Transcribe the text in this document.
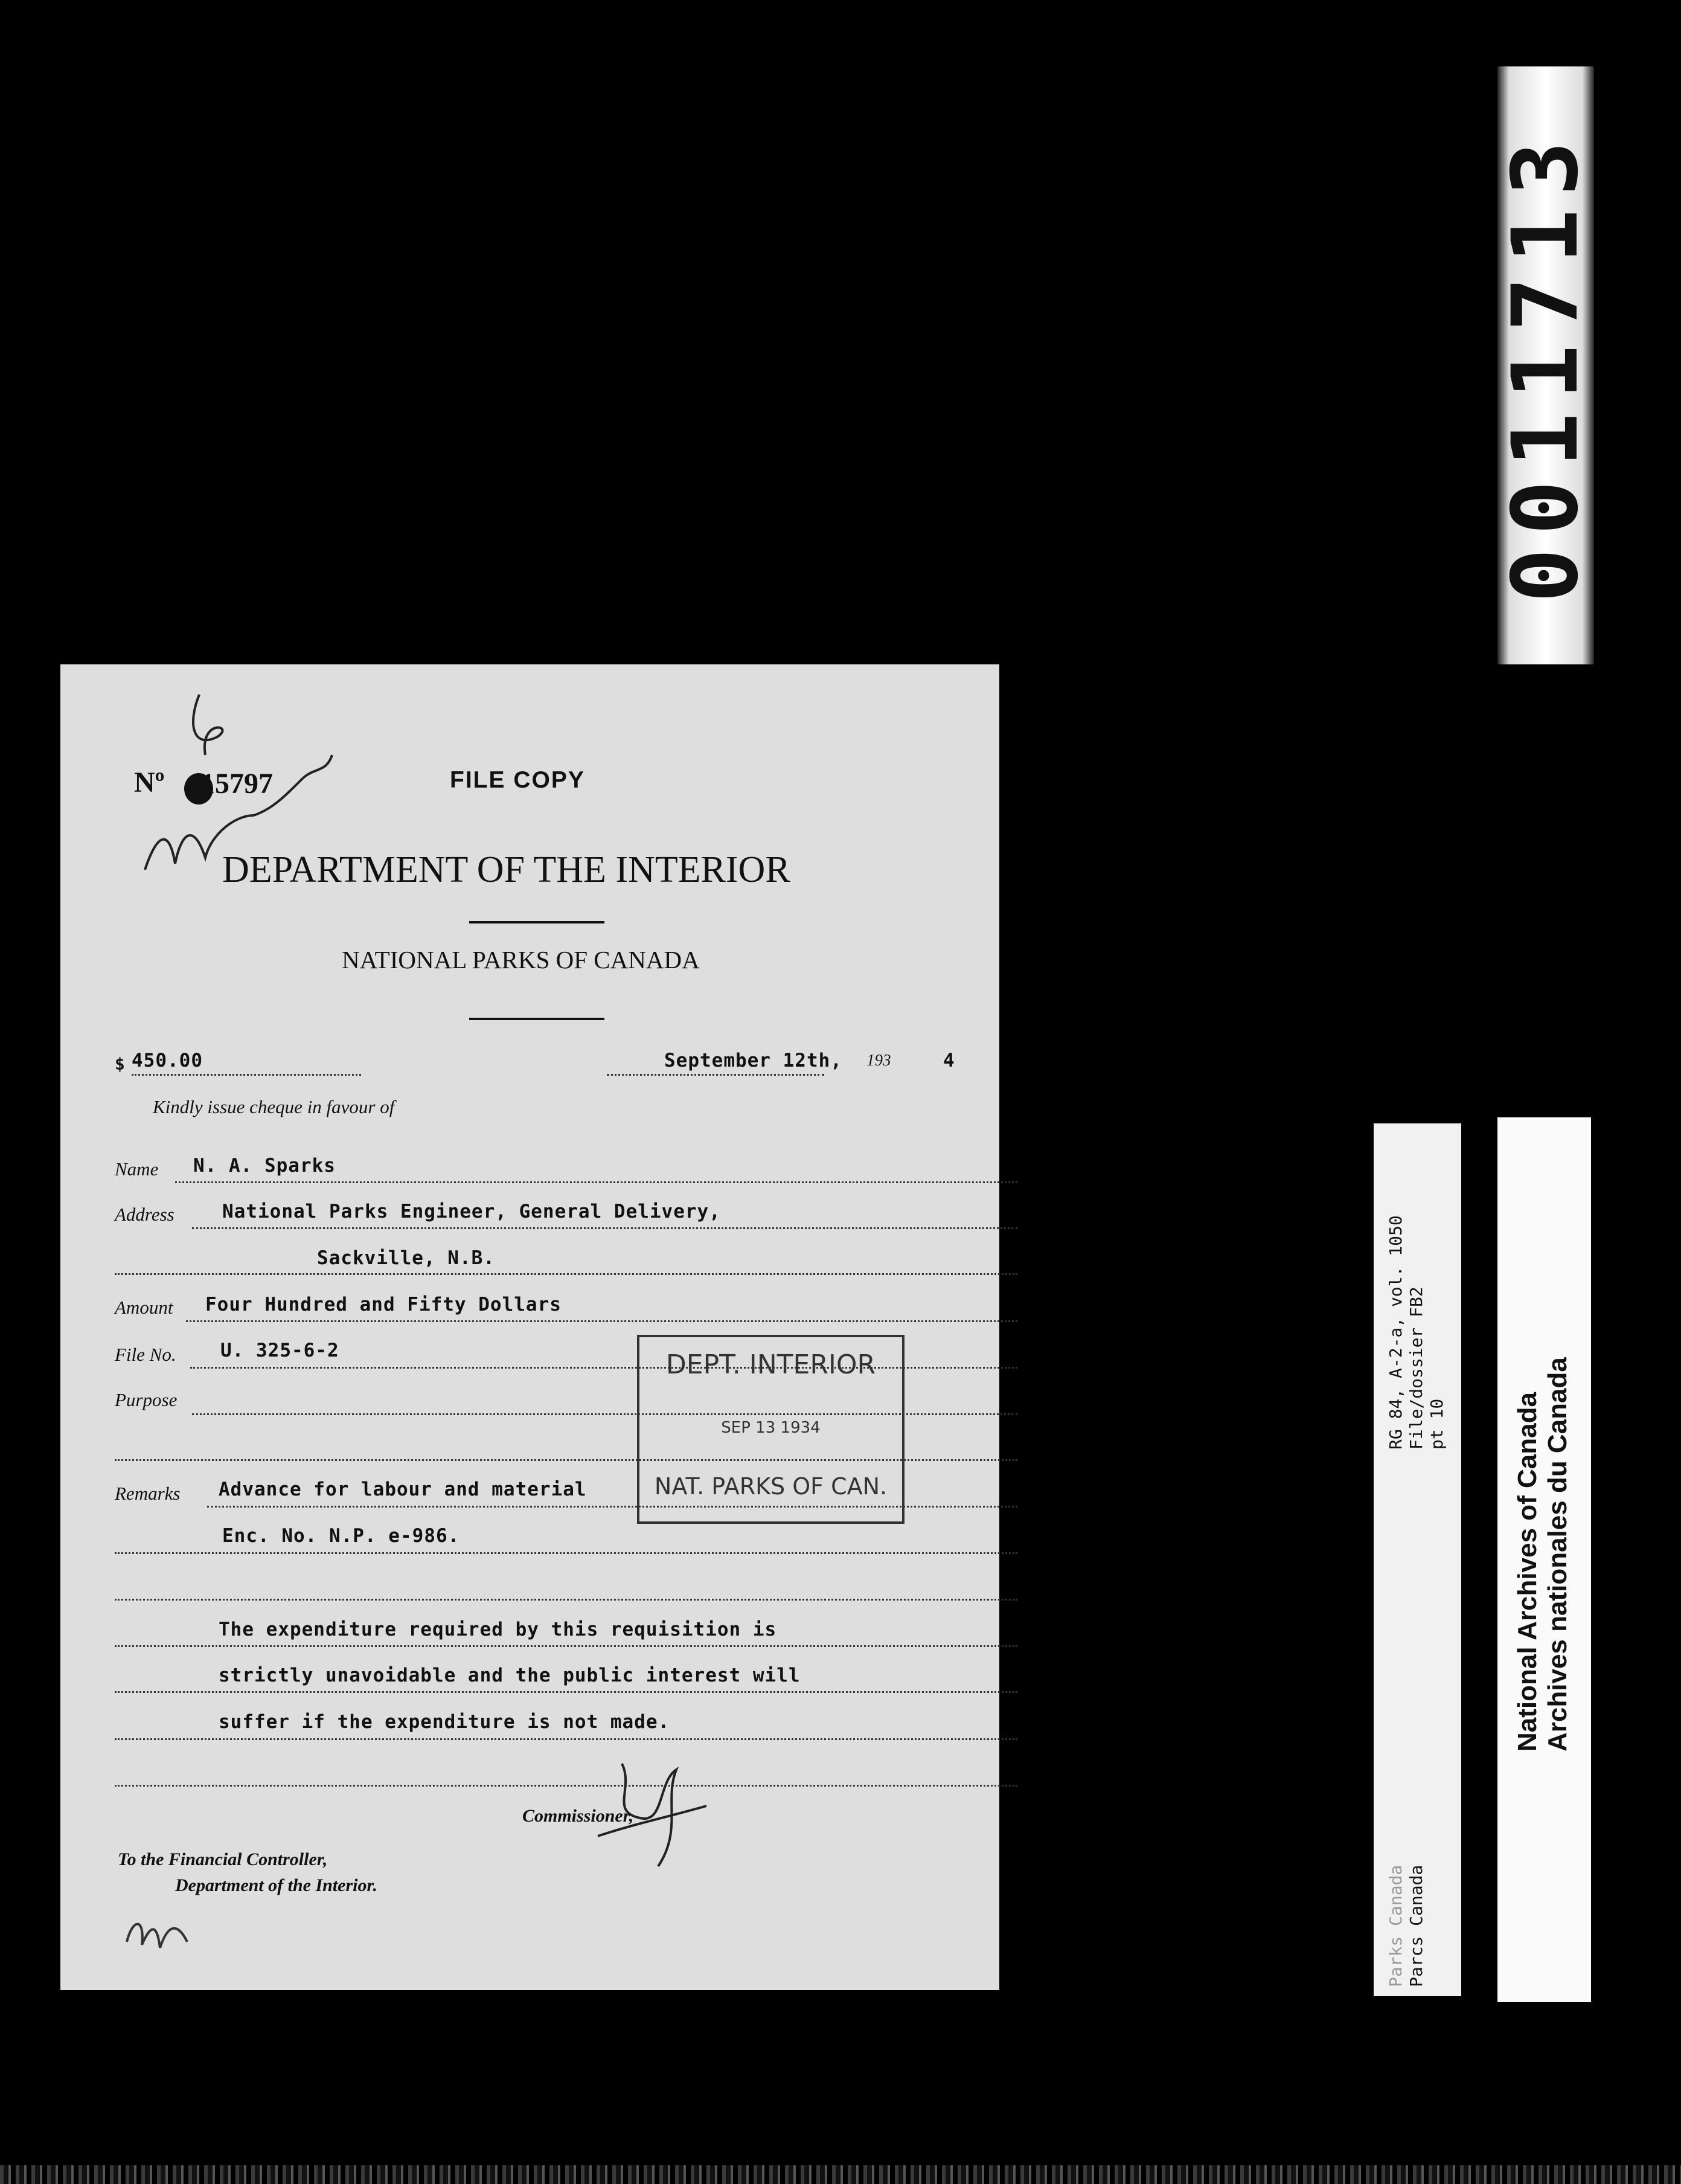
0011713
Nº 15797	FILE COPY
DEPARTMENT OF THE INTERIOR
NATIONAL PARKS OF CANADA
$ 450.00	September 12th, 193	4
Kindly issue cheque in favour of
Name N. A. Sparks
Address	National Parks Engineer, General Delivery,
Sackville, N.B.
Amount Four Hundred and Fifty Dollars
File No. U. 325-6-2
Purpose
Remarks Advance for labour and material
Enc. No. N.P. e-986.
The expenditure required by this requisition is
strictly unavoidable and the public interest will
suffer if the expenditure is not made.
Commissioner,
To the Financial Controller,
Department of the Interior.
DEPT. INTERIOR
SEP 13 1934
NAT. PARKS OF CAN.
RG 84, A-2-a, vol. 1050 File/dossier FB2 pt 10
Parks Canada Parcs Canada
National Archives of Canada Archives nationales du Canada
